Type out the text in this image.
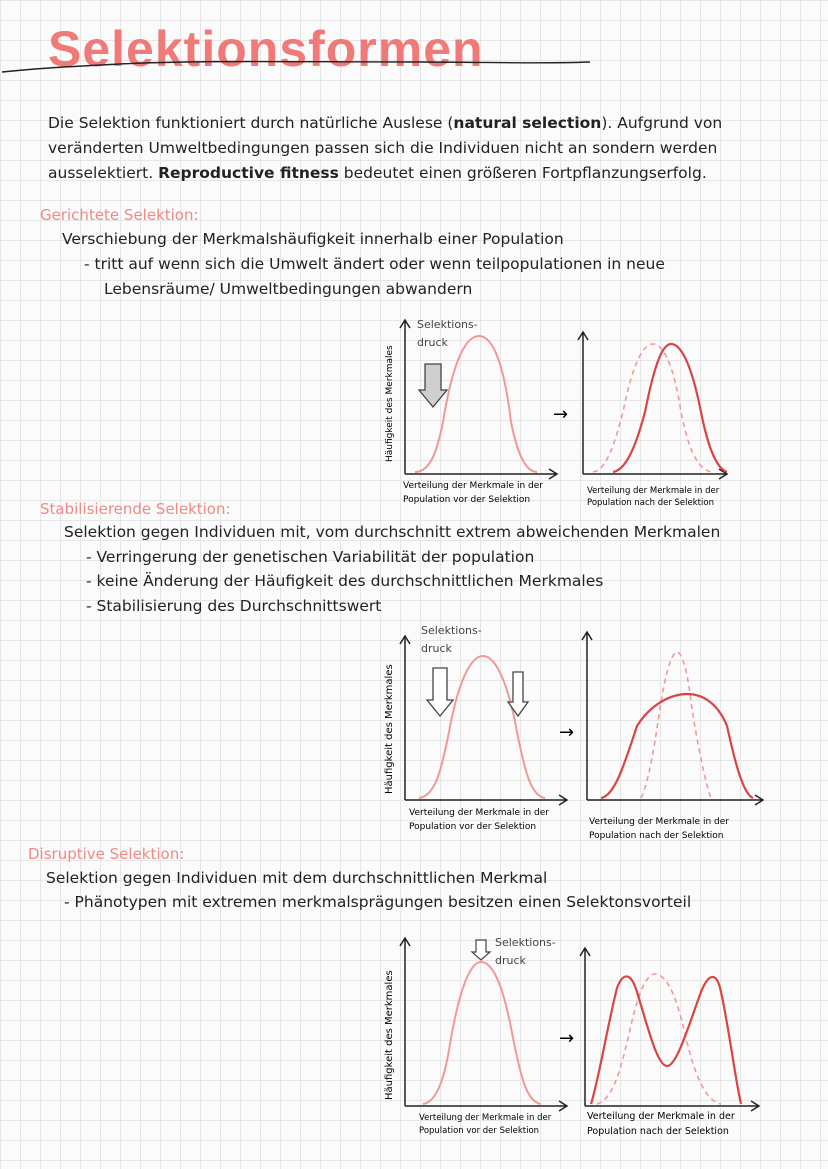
Selektionsformen
Die Selektion funktioniert durch natürliche Auslese (natural selection). Aufgrund von
veränderten Umweltbedingungen passen sich die Individuen nicht an sondern werden
ausselektiert. Reproductive fitness bedeutet einen größeren Fortpflanzungserfolg.
Gerichtete Selektion:
Verschiebung der Merkmalshäufigkeit innerhalb einer Population
- tritt auf wenn sich die Umwelt ändert oder wenn teilpopulationen in neue
Lebensräume/ Umweltbedingungen abwandern
Häufigkeit des Merkmales
Selektions-
druck
Verteilung der Merkmale in der
Population vor der Selektion
→
Verteilung der Merkmale in der
Population nach der Selektion
Stabilisierende Selektion:
Selektion gegen Individuen mit, vom durchschnitt extrem abweichenden Merkmalen
- Verringerung der genetischen Variabilität der population
- keine Änderung der Häufigkeit des durchschnittlichen Merkmales
- Stabilisierung des Durchschnittswert
Häufigkeit des Merkmales
Selektions-
druck
Verteilung der Merkmale in der
Population vor der Selektion
→
Verteilung der Merkmale in der
Population nach der Selektion
Disruptive Selektion:
Selektion gegen Individuen mit dem durchschnittlichen Merkmal
- Phänotypen mit extremen merkmalsprägungen besitzen einen Selektonsvorteil
Häufigkeit des Merkmales
Selektions-
druck
Verteilung der Merkmale in der
Population vor der Selektion
→
Verteilung der Merkmale in der
Population nach der Selektion
